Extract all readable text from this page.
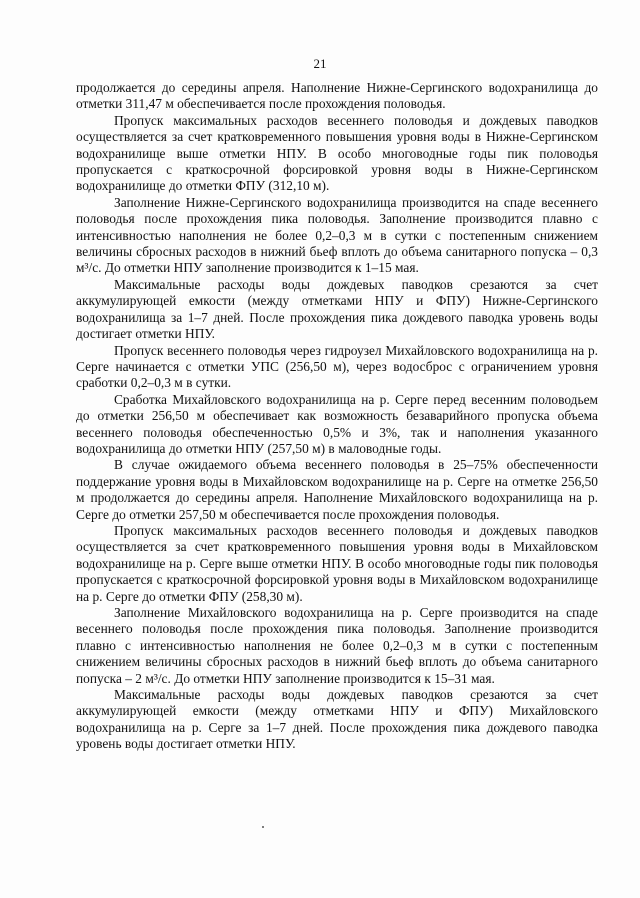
21

продолжается до середины апреля. Наполнение Нижне-Сергинского водохранилища до отметки 311,47 м обеспечивается после прохождения половодья.

Пропуск максимальных расходов весеннего половодья и дождевых паводков осуществляется за счет кратковременного повышения уровня воды в Нижне-Сергинском водохранилище выше отметки НПУ. В особо многоводные годы пик половодья пропускается с краткосрочной форсировкой уровня воды в Нижне-Сергинском водохранилище до отметки ФПУ (312,10 м).

Заполнение Нижне-Сергинского водохранилища производится на спаде весеннего половодья после прохождения пика половодья. Заполнение производится плавно с интенсивностью наполнения не более 0,2–0,3 м в сутки с постепенным снижением величины сбросных расходов в нижний бьеф вплоть до объема санитарного попуска – 0,3 м³/с. До отметки НПУ заполнение производится к 1–15 мая.

Максимальные расходы воды дождевых паводков срезаются за счет аккумулирующей емкости (между отметками НПУ и ФПУ) Нижне-Сергинского водохранилища за 1–7 дней. После прохождения пика дождевого паводка уровень воды достигает отметки НПУ.

Пропуск весеннего половодья через гидроузел Михайловского водохранилища на р. Серге начинается с отметки УПС (256,50 м), через водосброс с ограничением уровня сработки 0,2–0,3 м в сутки.

Сработка Михайловского водохранилища на р. Серге перед весенним половодьем до отметки 256,50 м обеспечивает как возможность безаварийного пропуска объема весеннего половодья обеспеченностью 0,5% и 3%, так и наполнения указанного водохранилища до отметки НПУ (257,50 м) в маловодные годы.

В случае ожидаемого объема весеннего половодья в 25–75% обеспеченности поддержание уровня воды в Михайловском водохранилище на р. Серге на отметке 256,50 м продолжается до середины апреля. Наполнение Михайловского водохранилища на р. Серге до отметки 257,50 м обеспечивается после прохождения половодья.

Пропуск максимальных расходов весеннего половодья и дождевых паводков осуществляется за счет кратковременного повышения уровня воды в Михайловском водохранилище на р. Серге выше отметки НПУ. В особо многоводные годы пик половодья пропускается с краткосрочной форсировкой уровня воды в Михайловском водохранилище на р. Серге до отметки ФПУ (258,30 м).

Заполнение Михайловского водохранилища на р. Серге производится на спаде весеннего половодья после прохождения пика половодья. Заполнение производится плавно с интенсивностью наполнения не более 0,2–0,3 м в сутки с постепенным снижением величины сбросных расходов в нижний бьеф вплоть до объема санитарного попуска – 2 м³/с. До отметки НПУ заполнение производится к 15–31 мая.

Максимальные расходы воды дождевых паводков срезаются за счет аккумулирующей емкости (между отметками НПУ и ФПУ) Михайловского водохранилища на р. Серге за 1–7 дней. После прохождения пика дождевого паводка уровень воды достигает отметки НПУ.
